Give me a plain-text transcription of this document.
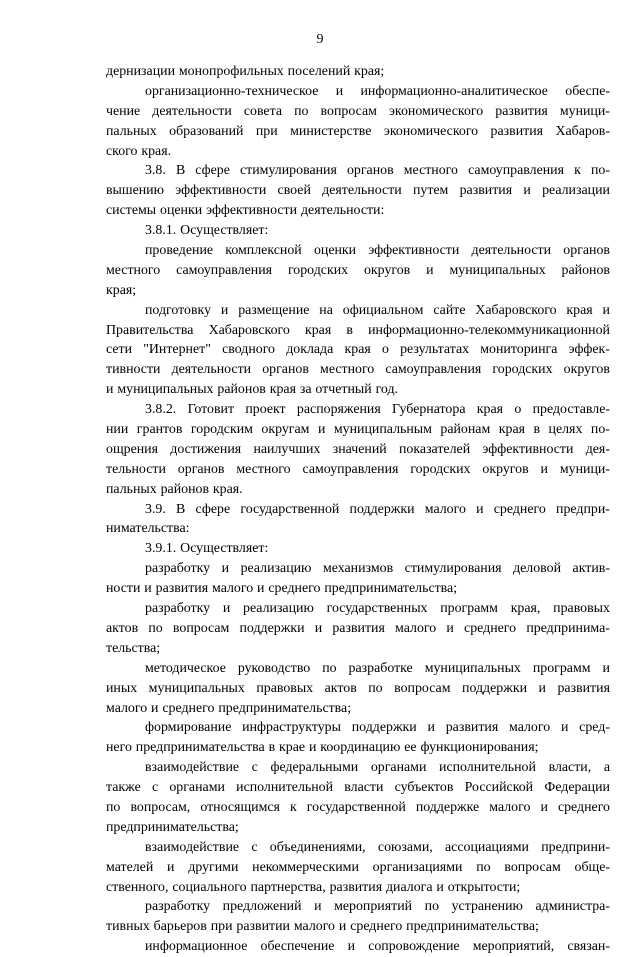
9
дернизации монопрофильных поселений края;
организационно-техническое и информационно-аналитическое обеспе-
чение деятельности совета по вопросам экономического развития муници-
пальных образований при министерстве экономического развития Хабаров-
ского края.
3.8. В сфере стимулирования органов местного самоуправления к по-
вышению эффективности своей деятельности путем развития и реализации
системы оценки эффективности деятельности:
3.8.1. Осуществляет:
проведение комплексной оценки эффективности деятельности органов
местного самоуправления городских округов и муниципальных районов
края;
подготовку и размещение на официальном сайте Хабаровского края и
Правительства Хабаровского края в информационно-телекоммуникационной
сети "Интернет" сводного доклада края о результатах мониторинга эффек-
тивности деятельности органов местного самоуправления городских округов
и муниципальных районов края за отчетный год.
3.8.2. Готовит проект распоряжения Губернатора края о предоставле-
нии грантов городским округам и муниципальным районам края в целях по-
ощрения достижения наилучших значений показателей эффективности дея-
тельности органов местного самоуправления городских округов и муници-
пальных районов края.
3.9. В сфере государственной поддержки малого и среднего предпри-
нимательства:
3.9.1. Осуществляет:
разработку и реализацию механизмов стимулирования деловой актив-
ности и развития малого и среднего предпринимательства;
разработку и реализацию государственных программ края, правовых
актов по вопросам поддержки и развития малого и среднего предпринима-
тельства;
методическое руководство по разработке муниципальных программ и
иных муниципальных правовых актов по вопросам поддержки и развития
малого и среднего предпринимательства;
формирование инфраструктуры поддержки и развития малого и сред-
него предпринимательства в крае и координацию ее функционирования;
взаимодействие с федеральными органами исполнительной власти, а
также с органами исполнительной власти субъектов Российской Федерации
по вопросам, относящимся к государственной поддержке малого и среднего
предпринимательства;
взаимодействие с объединениями, союзами, ассоциациями предприни-
мателей и другими некоммерческими организациями по вопросам обще-
ственного, социального партнерства, развития диалога и открытости;
разработку предложений и мероприятий по устранению администра-
тивных барьеров при развитии малого и среднего предпринимательства;
информационное обеспечение и сопровождение мероприятий, связан-
